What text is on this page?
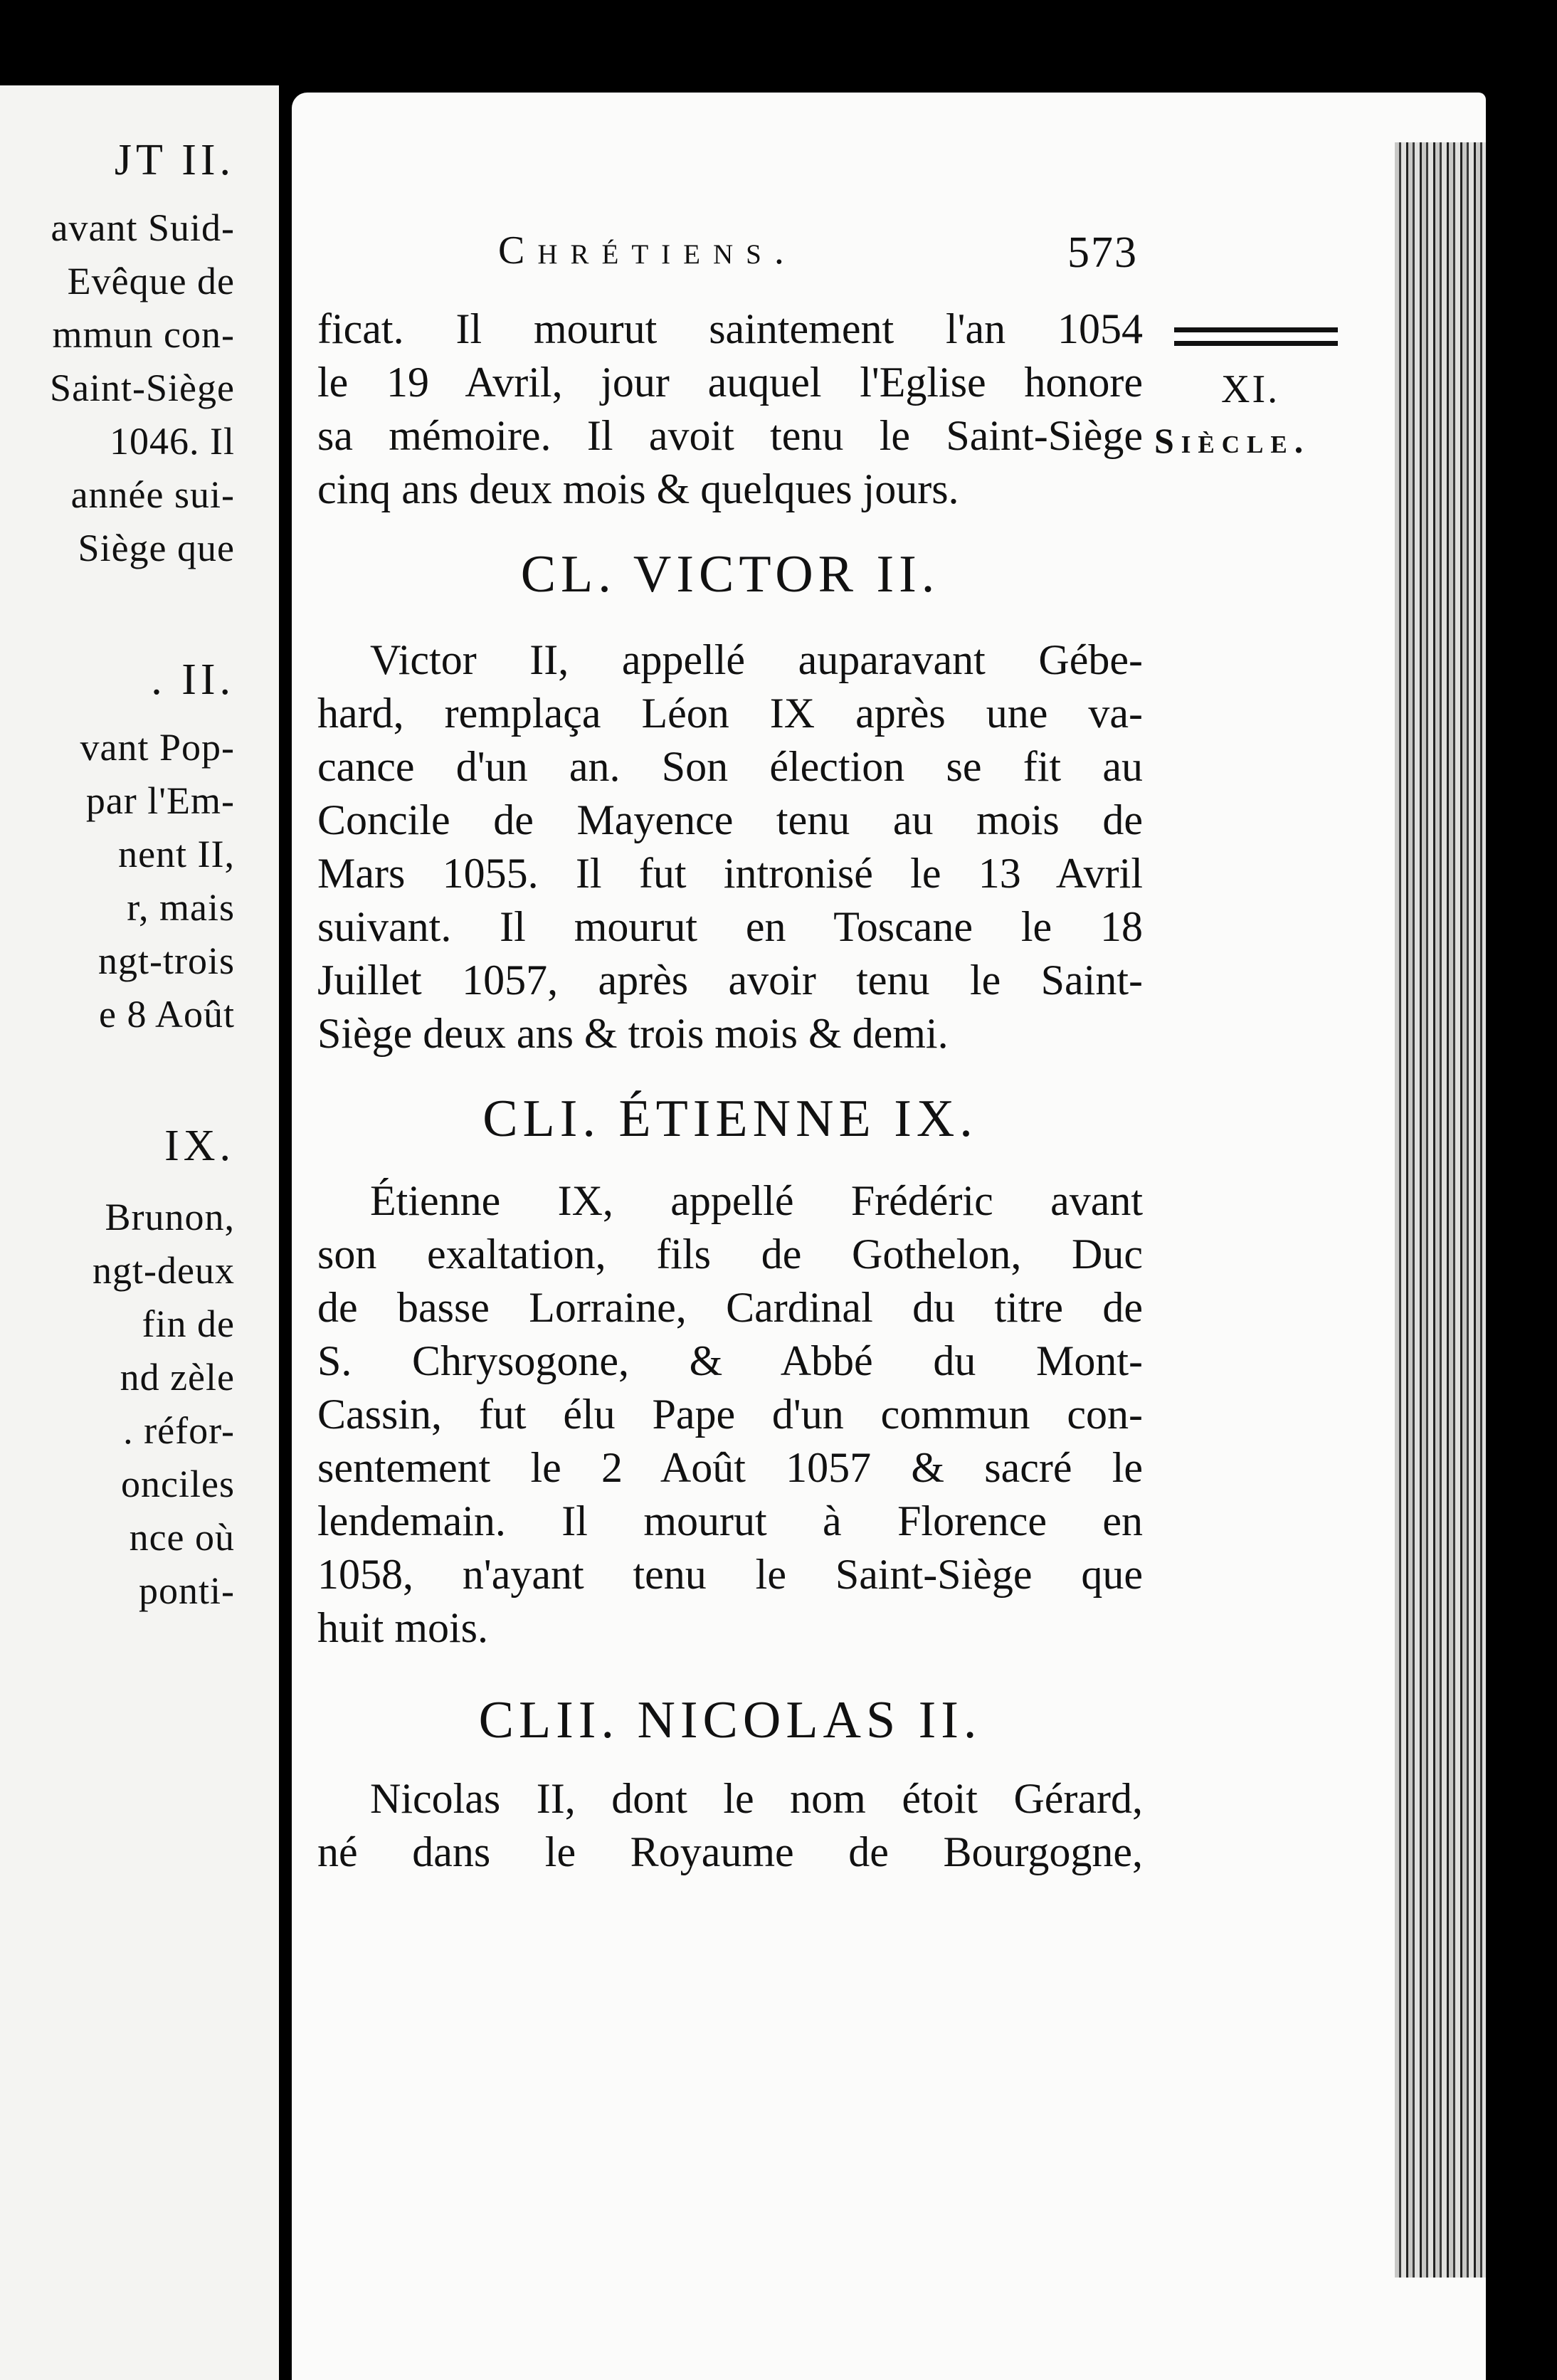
JT II.
avant Suid-
Evêque de
mmun con-
Saint-Siège
1046. Il
année sui-
Siège que
. II.
vant Pop-
par l'Em-
nent II,
r, mais
ngt-trois
e 8 Août
IX.
Brunon,
ngt-deux
fin de
nd zèle
. réfor-
onciles
nce où
ponti-
Chrétiens.	573
XI.
Siècle.
ficat. Il mourut saintement l'an 1054
le 19 Avril, jour auquel l'Eglise honore
sa mémoire. Il avoit tenu le Saint-Siège
cinq ans deux mois & quelques jours.
CL. VICTOR II.
Victor II, appellé auparavant Gébe-
hard, remplaça Léon IX après une va-
cance d'un an. Son élection se fit au
Concile de Mayence tenu au mois de
Mars 1055. Il fut intronisé le 13 Avril
suivant. Il mourut en Toscane le 18
Juillet 1057, après avoir tenu le Saint-
Siège deux ans & trois mois & demi.
CLI. ÉTIENNE IX.
Étienne IX, appellé Frédéric avant
son exaltation, fils de Gothelon, Duc
de basse Lorraine, Cardinal du titre de
S. Chrysogone, & Abbé du Mont-
Cassin, fut élu Pape d'un commun con-
sentement le 2 Août 1057 & sacré le
lendemain. Il mourut à Florence en
1058, n'ayant tenu le Saint-Siège que
huit mois.
CLII. NICOLAS II.
Nicolas II, dont le nom étoit Gérard,
né dans le Royaume de Bourgogne,
